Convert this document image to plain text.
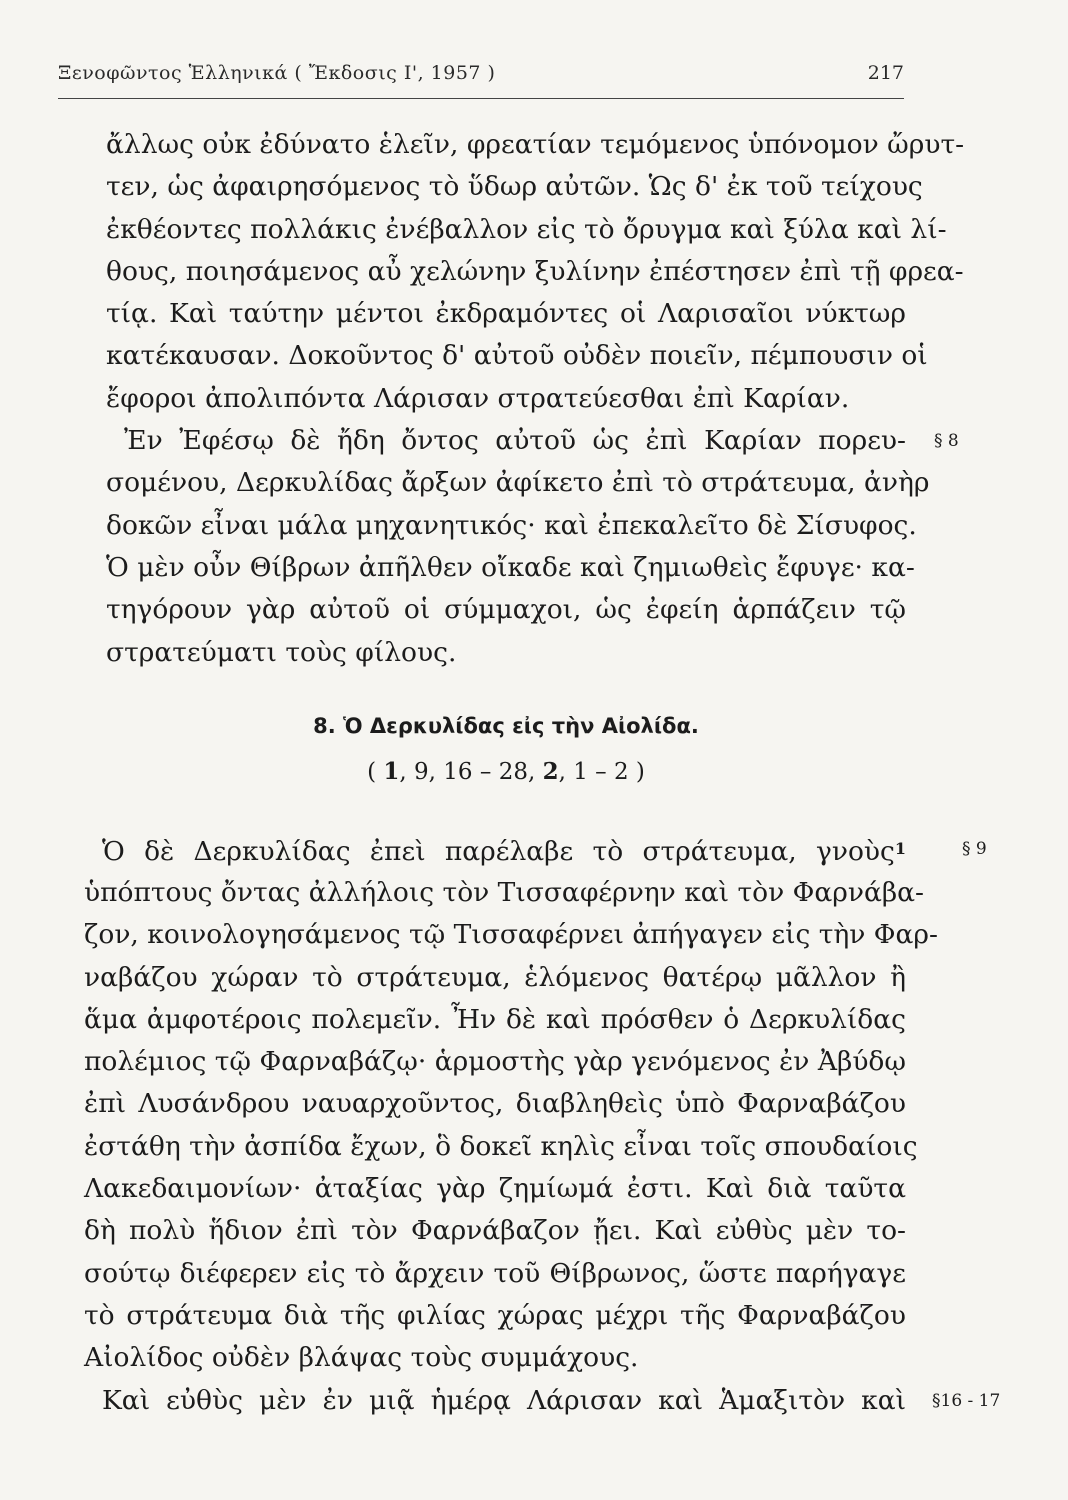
Ξενοφῶντος Ἑλληνικά ( Ἔκδοσις Ι', 1957 )	217
ἄλλως οὐκ ἐδύνατο ἑλεῖν, φρεατίαν τεμόμενος ὑπόνομον ὤρυτ-
τεν, ὡς ἀφαιρησόμενος τὸ ὕδωρ αὐτῶν. Ὡς δ' ἐκ τοῦ τείχους
ἐκθέοντες πολλάκις ἐνέβαλλον εἰς τὸ ὄρυγμα καὶ ξύλα καὶ λί-
θους, ποιησάμενος αὖ χελώνην ξυλίνην ἐπέστησεν ἐπὶ τῇ φρεα-
τίᾳ. Καὶ ταύτην μέντοι ἐκδραμόντες οἱ Λαρισαῖοι νύκτωρ
κατέκαυσαν. Δοκοῦντος δ' αὐτοῦ οὐδὲν ποιεῖν, πέμπουσιν οἱ
ἔφοροι ἀπολιπόντα Λάρισαν στρατεύεσθαι ἐπὶ Καρίαν.
Ἐν Ἐφέσῳ δὲ ἤδη ὄντος αὐτοῦ ὡς ἐπὶ Καρίαν πορευ- § 8
σομένου, Δερκυλίδας ἄρξων ἀφίκετο ἐπὶ τὸ στράτευμα, ἀνὴρ
δοκῶν εἶναι μάλα μηχανητικός· καὶ ἐπεκαλεῖτο δὲ Σίσυφος.
Ὁ μὲν οὖν Θίβρων ἀπῆλθεν οἴκαδε καὶ ζημιωθεὶς ἔφυγε· κα-
τηγόρουν γὰρ αὐτοῦ οἱ σύμμαχοι, ὡς ἐφείη ἁρπάζειν τῷ
στρατεύματι τοὺς φίλους.
8. Ὁ Δερκυλίδας εἰς τὴν Αἰολίδα.
( 1, 9, 16 – 28, 2, 1 – 2 )
Ὁ δὲ Δερκυλίδας ἐπεὶ παρέλαβε τὸ στράτευμα, γνοὺς$^1$	§ 9
ὑπόπτους ὄντας ἀλλήλοις τὸν Τισσαφέρνην καὶ τὸν Φαρνάβα-
ζον, κοινολογησάμενος τῷ Τισσαφέρνει ἀπήγαγεν εἰς τὴν Φαρ-
ναβάζου χώραν τὸ στράτευμα, ἑλόμενος θατέρῳ μᾶλλον ἢ
ἅμα ἀμφοτέροις πολεμεῖν. Ἦν δὲ καὶ πρόσθεν ὁ Δερκυλίδας
πολέμιος τῷ Φαρναβάζῳ· ἁρμοστὴς γὰρ γενόμενος ἐν Ἀβύδῳ
ἐπὶ Λυσάνδρου ναυαρχοῦντος, διαβληθεὶς ὑπὸ Φαρναβάζου
ἐστάθη τὴν ἀσπίδα ἔχων, ὃ δοκεῖ κηλὶς εἶναι τοῖς σπουδαίοις
Λακεδαιμονίων· ἀταξίας γὰρ ζημίωμά ἐστι. Καὶ διὰ ταῦτα
δὴ πολὺ ἥδιον ἐπὶ τὸν Φαρνάβαζον ᾔει. Καὶ εὐθὺς μὲν το-
σούτῳ διέφερεν εἰς τὸ ἄρχειν τοῦ Θίβρωνος, ὥστε παρήγαγε
τὸ στράτευμα διὰ τῆς φιλίας χώρας μέχρι τῆς Φαρναβάζου
Αἰολίδος οὐδὲν βλάψας τοὺς συμμάχους.
Καὶ εὐθὺς μὲν ἐν μιᾷ ἡμέρᾳ Λάρισαν καὶ Ἁμαξιτὸν καὶ §16 - 17
